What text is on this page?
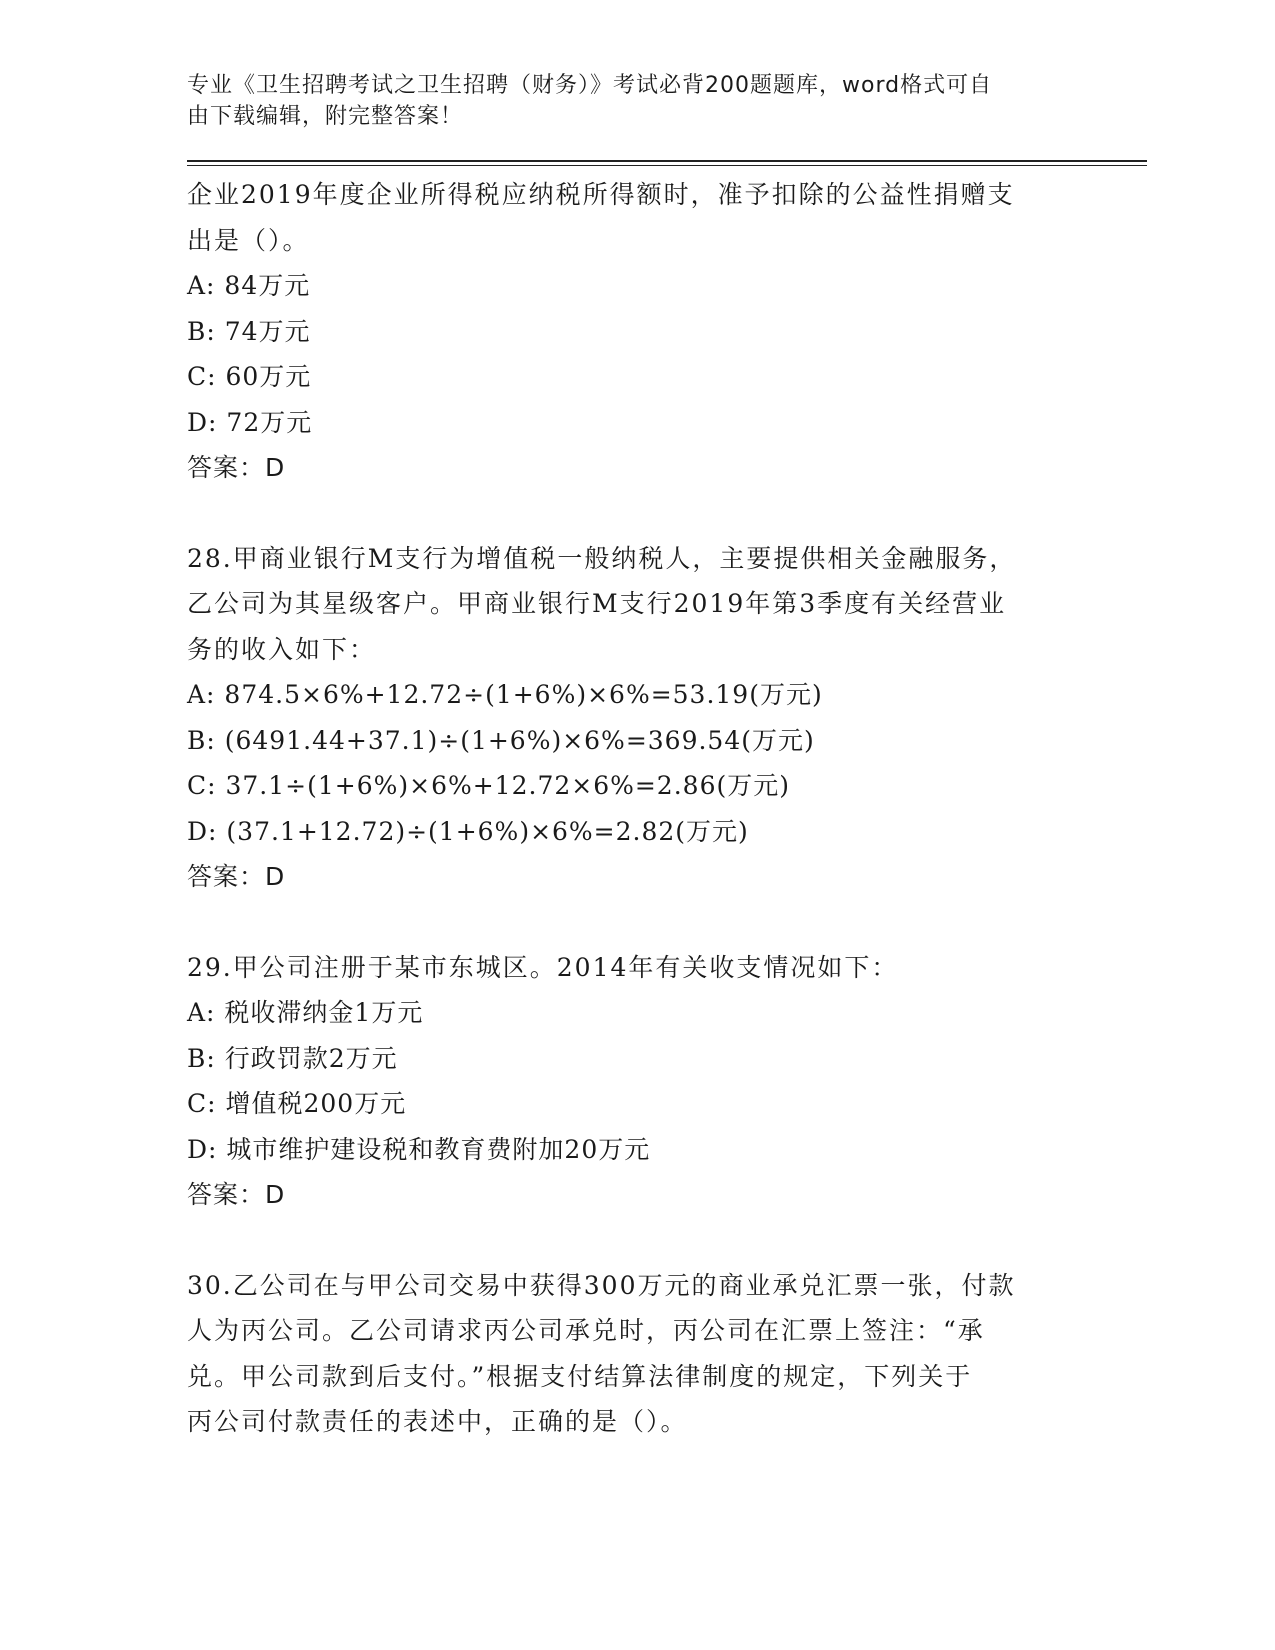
专业《卫生招聘考试之卫生招聘（财务）》考试必背200题题库，word格式可自
由下载编辑，附完整答案！

企业2019年度企业所得税应纳税所得额时，准予扣除的公益性捐赠支

出是（）。

A: 84万元

B: 74万元

C: 60万元

D: 72万元

答案：D

28.甲商业银行M支行为增值税一般纳税人，主要提供相关金融服务，

乙公司为其星级客户。甲商业银行M支行2019年第3季度有关经营业

务的收入如下：

A: 874.5×6%+12.72÷(1+6%)×6%=53.19(万元)

B: (6491.44+37.1)÷(1+6%)×6%=369.54(万元)

C: 37.1÷(1+6%)×6%+12.72×6%=2.86(万元)

D: (37.1+12.72)÷(1+6%)×6%=2.82(万元)

答案：D

29.甲公司注册于某市东城区。2014年有关收支情况如下：

A: 税收滞纳金1万元

B: 行政罚款2万元

C: 增值税200万元

D: 城市维护建设税和教育费附加20万元

答案：D

30.乙公司在与甲公司交易中获得300万元的商业承兑汇票一张，付款

人为丙公司。乙公司请求丙公司承兑时，丙公司在汇票上签注：“承

兑。甲公司款到后支付。”根据支付结算法律制度的规定，下列关于

丙公司付款责任的表述中，正确的是（）。
